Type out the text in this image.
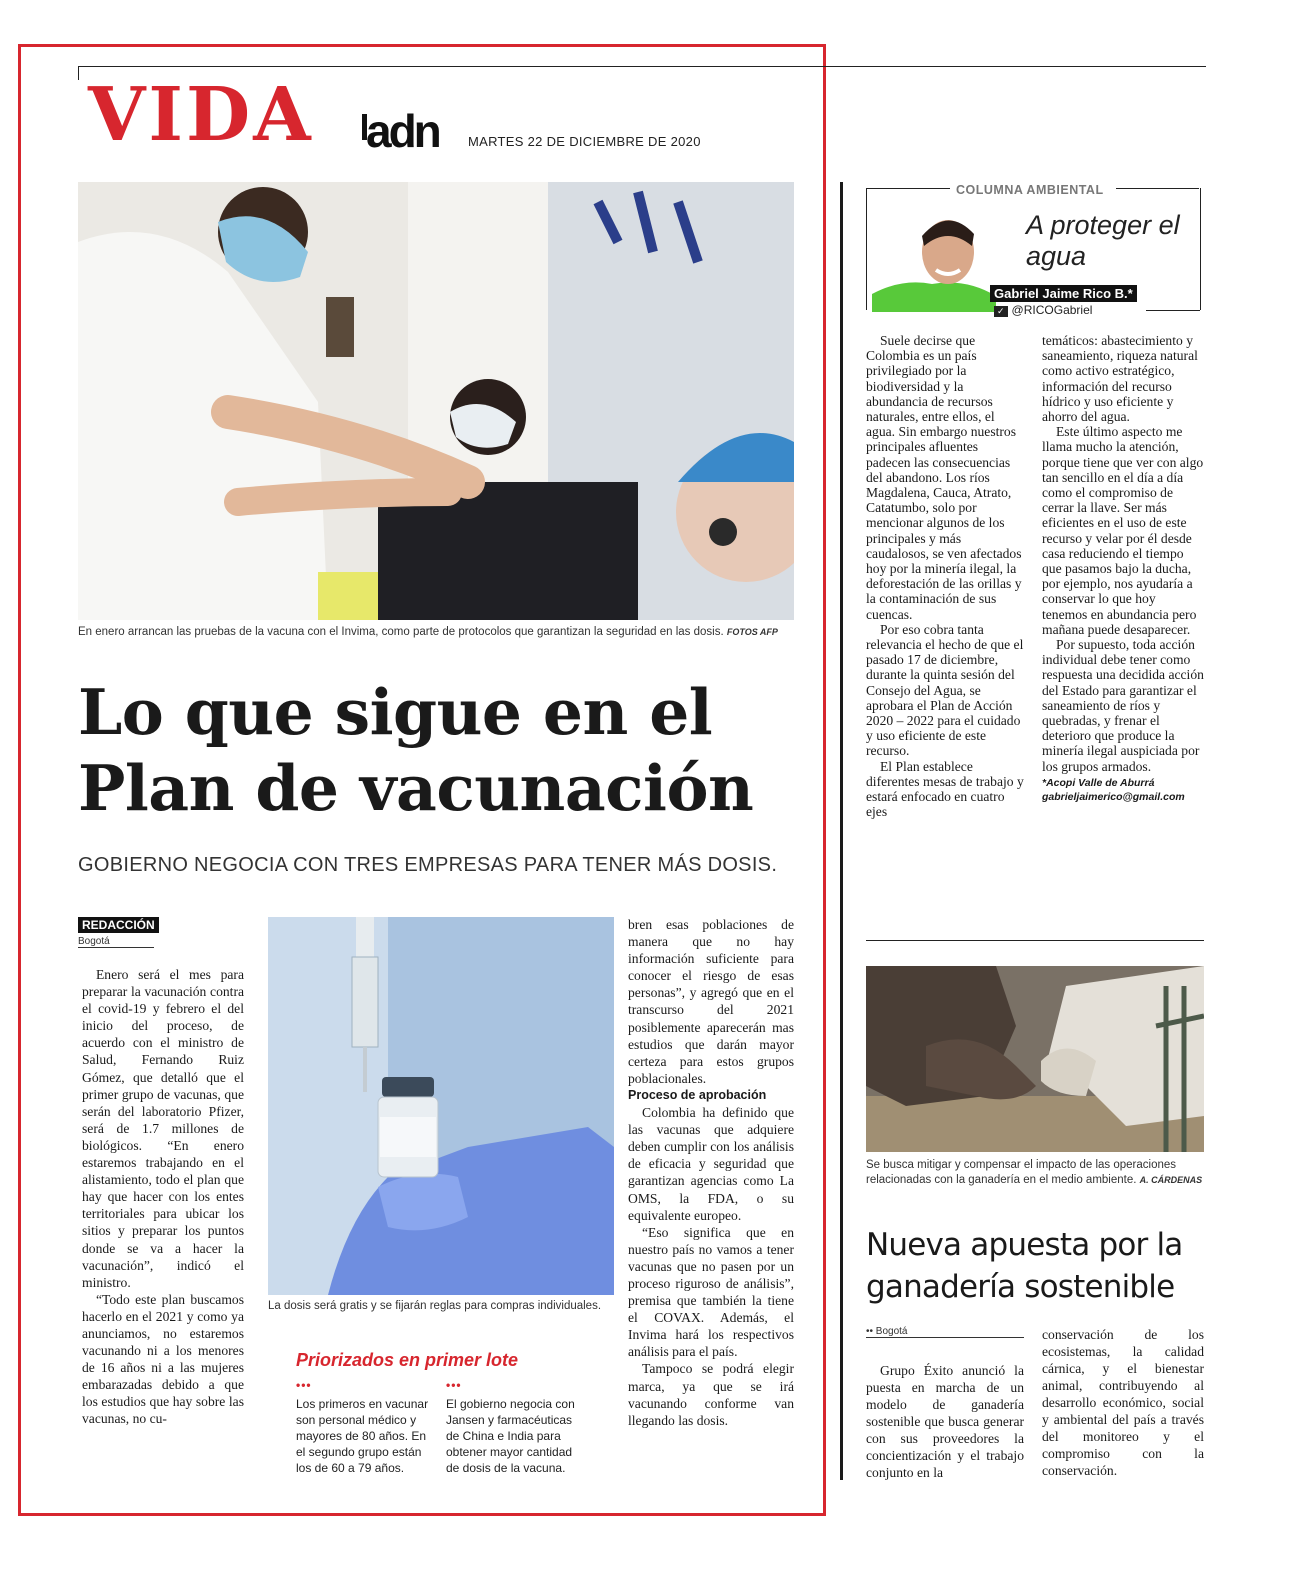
VIDA adn MARTES 22 DE DICIEMBRE DE 2020
En enero arrancan las pruebas de la vacuna con el Invima, como parte de protocolos que garantizan la seguridad en las dosis. FOTOS AFP
Lo que sigue en el
Plan de vacunación
GOBIERNO NEGOCIA CON TRES EMPRESAS PARA TENER MÁS DOSIS.
REDACCIÓN
Bogotá

Enero será el mes para preparar la vacunación contra el covid-19 y febrero el del inicio del proceso, de acuerdo con el ministro de Salud, Fernando Ruiz Gómez, que detalló que el primer grupo de vacunas, que serán del laboratorio Pfizer, será de 1.7 millones de biológicos. “En enero estaremos trabajando en el alistamiento, todo el plan que hay que hacer con los entes territoriales para ubicar los sitios y preparar los puntos donde se va a hacer la vacunación”, indicó el ministro.

“Todo este plan buscamos hacerlo en el 2021 y como ya anunciamos, no estaremos vacunando ni a los menores de 16 años ni a las mujeres embarazadas debido a que los estudios que hay sobre las vacunas, no cu-

La dosis será gratis y se fijarán reglas para compras individuales.
Priorizados en primer lote
•••	•••
Los primeros en vacunar son personal médico y mayores de 80 años. En el segundo grupo están los de 60 a 79 años.
El gobierno negocia con Jansen y farmacéuticas de China e India para obtener mayor cantidad de dosis de la vacuna.

bren esas poblaciones de manera que no hay información suficiente para conocer el riesgo de esas personas”, y agregó que en el transcurso del 2021 posiblemente aparecerán mas estudios que darán mayor certeza para estos grupos poblacionales.

Proceso de aprobación

Colombia ha definido que las vacunas que adquiere deben cumplir con los análisis de eficacia y seguridad que garantizan agencias como La OMS, la FDA, o su equivalente europeo.

“Eso significa que en nuestro país no vamos a tener vacunas que no pasen por un proceso riguroso de análisis”, premisa que también la tiene el COVAX. Además, el Invima hará los respectivos análisis para el país.

Tampoco se podrá elegir marca, ya que se irá vacunando conforme van llegando las dosis.

COLUMNA AMBIENTAL
A proteger el agua
Gabriel Jaime Rico B.*
✓ @RICOGabriel

Suele decirse que Colombia es un país privilegiado por la biodiversidad y la abundancia de recursos naturales, entre ellos, el agua. Sin embargo nuestros principales afluentes padecen las consecuencias del abandono. Los ríos Magdalena, Cauca, Atrato, Catatumbo, solo por mencionar algunos de los principales y más caudalosos, se ven afectados hoy por la minería ilegal, la deforestación de las orillas y la contaminación de sus cuencas.

Por eso cobra tanta relevancia el hecho de que el pasado 17 de diciembre, durante la quinta sesión del Consejo del Agua, se aprobara el Plan de Acción 2020 – 2022 para el cuidado y uso eficiente de este recurso.

El Plan establece diferentes mesas de trabajo y estará enfocado en cuatro ejes

temáticos: abastecimiento y saneamiento, riqueza natural como activo estratégico, información del recurso hídrico y uso eficiente y ahorro del agua.

Este último aspecto me llama mucho la atención, porque tiene que ver con algo tan sencillo en el día a día como el compromiso de cerrar la llave. Ser más eficientes en el uso de este recurso y velar por él desde casa reduciendo el tiempo que pasamos bajo la ducha, por ejemplo, nos ayudaría a conservar lo que hoy tenemos en abundancia pero mañana puede desaparecer.

Por supuesto, toda acción individual debe tener como respuesta una decidida acción del Estado para garantizar el saneamiento de ríos y quebradas, y frenar el deterioro que produce la minería ilegal auspiciada por los grupos armados.

*Acopi Valle de Aburrá
gabrieljaimerico@gmail.com
Se busca mitigar y compensar el impacto de las operaciones relacionadas con la ganadería en el medio ambiente. A. CÁRDENAS
Nueva apuesta por la ganadería sostenible
•• Bogotá

Grupo Éxito anunció la puesta en marcha de un modelo de ganadería sostenible que busca generar con sus proveedores la concientización y el trabajo conjunto en la

conservación de los ecosistemas, la calidad cárnica, y el bienestar animal, contribuyendo al desarrollo económico, social y ambiental del país a través del monitoreo y el compromiso con la conservación.
